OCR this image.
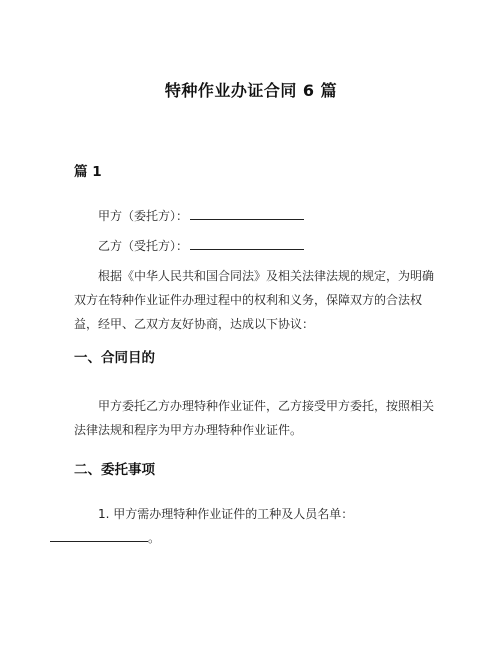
特种作业办证合同 6 篇
篇 1
甲方（委托方）：
乙方（受托方）：
根据《中华人民共和国合同法》及相关法律法规的规定，为明确双方在特种作业证件办理过程中的权利和义务，保障双方的合法权益，经甲、乙双方友好协商，达成以下协议：
一、合同目的
甲方委托乙方办理特种作业证件，乙方接受甲方委托，按照相关法律法规和程序为甲方办理特种作业证件。
二、委托事项
1. 甲方需办理特种作业证件的工种及人员名单：
。
